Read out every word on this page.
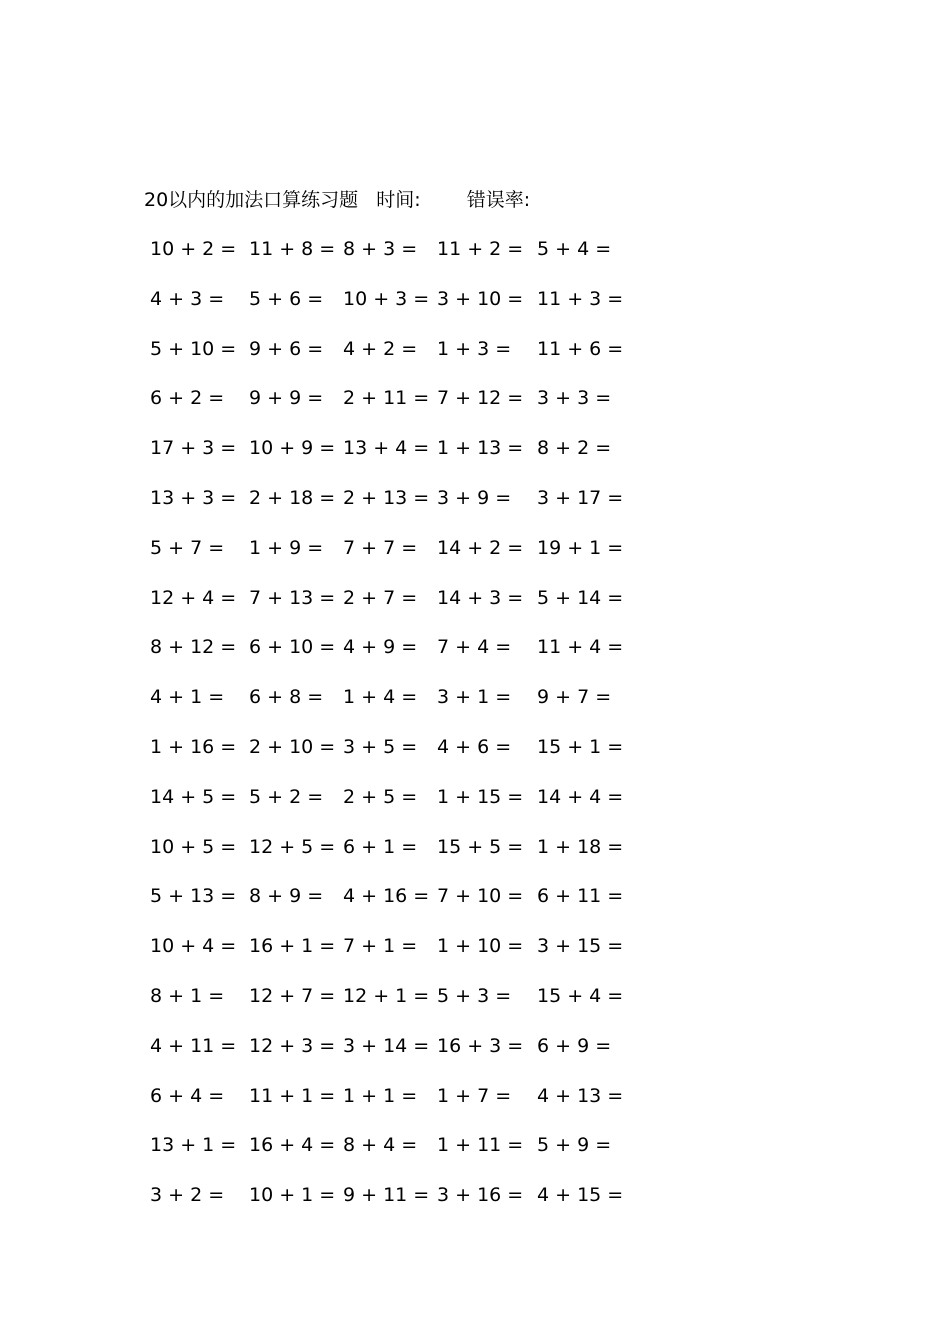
20以内的加法口算练习题 时间: 错误率:
10 + 2 = 11 + 8 = 8 + 3 = 11 + 2 = 5 + 4 =
4 + 3 = 5 + 6 = 10 + 3 = 3 + 10 = 11 + 3 =
5 + 10 = 9 + 6 = 4 + 2 = 1 + 3 = 11 + 6 =
6 + 2 = 9 + 9 = 2 + 11 = 7 + 12 = 3 + 3 =
17 + 3 = 10 + 9 = 13 + 4 = 1 + 13 = 8 + 2 =
13 + 3 = 2 + 18 = 2 + 13 = 3 + 9 = 3 + 17 =
5 + 7 = 1 + 9 = 7 + 7 = 14 + 2 = 19 + 1 =
12 + 4 = 7 + 13 = 2 + 7 = 14 + 3 = 5 + 14 =
8 + 12 = 6 + 10 = 4 + 9 = 7 + 4 = 11 + 4 =
4 + 1 = 6 + 8 = 1 + 4 = 3 + 1 = 9 + 7 =
1 + 16 = 2 + 10 = 3 + 5 = 4 + 6 = 15 + 1 =
14 + 5 = 5 + 2 = 2 + 5 = 1 + 15 = 14 + 4 =
10 + 5 = 12 + 5 = 6 + 1 = 15 + 5 = 1 + 18 =
5 + 13 = 8 + 9 = 4 + 16 = 7 + 10 = 6 + 11 =
10 + 4 = 16 + 1 = 7 + 1 = 1 + 10 = 3 + 15 =
8 + 1 = 12 + 7 = 12 + 1 = 5 + 3 = 15 + 4 =
4 + 11 = 12 + 3 = 3 + 14 = 16 + 3 = 6 + 9 =
6 + 4 = 11 + 1 = 1 + 1 = 1 + 7 = 4 + 13 =
13 + 1 = 16 + 4 = 8 + 4 = 1 + 11 = 5 + 9 =
3 + 2 = 10 + 1 = 9 + 11 = 3 + 16 = 4 + 15 =
